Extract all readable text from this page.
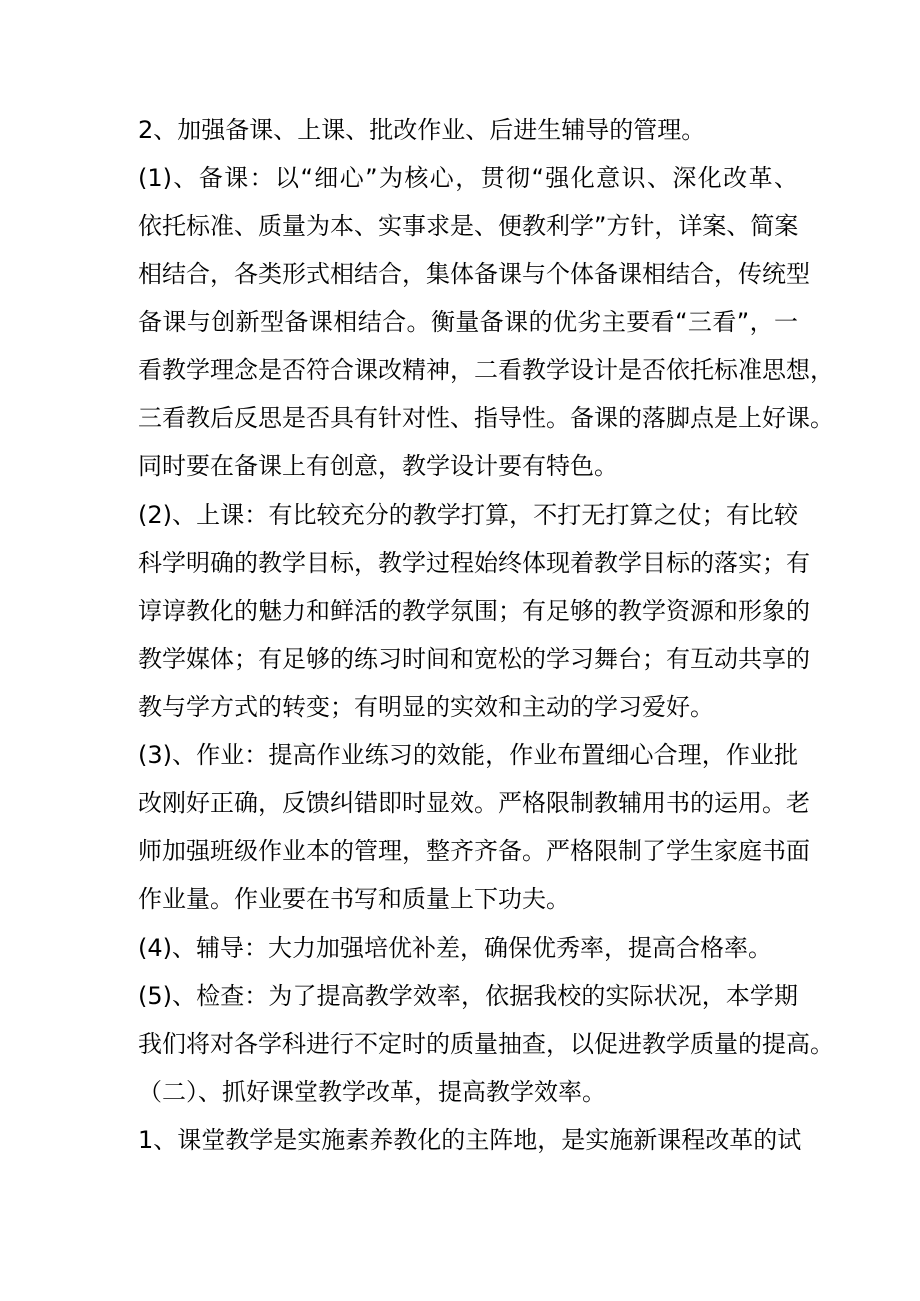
2、加强备课、上课、批改作业、后进生辅导的管理。
(1)、备课：以“细心”为核心，贯彻“强化意识、深化改革、
依托标准、质量为本、实事求是、便教利学”方针，详案、简案
相结合，各类形式相结合，集体备课与个体备课相结合，传统型
备课与创新型备课相结合。衡量备课的优劣主要看“三看”，一
看教学理念是否符合课改精神，二看教学设计是否依托标准思想，
三看教后反思是否具有针对性、指导性。备课的落脚点是上好课。
同时要在备课上有创意，教学设计要有特色。
(2)、上课：有比较充分的教学打算，不打无打算之仗；有比较
科学明确的教学目标，教学过程始终体现着教学目标的落实；有
谆谆教化的魅力和鲜活的教学氛围；有足够的教学资源和形象的
教学媒体；有足够的练习时间和宽松的学习舞台；有互动共享的
教与学方式的转变；有明显的实效和主动的学习爱好。
(3)、作业：提高作业练习的效能，作业布置细心合理，作业批
改刚好正确，反馈纠错即时显效。严格限制教辅用书的运用。老
师加强班级作业本的管理，整齐齐备。严格限制了学生家庭书面
作业量。作业要在书写和质量上下功夫。
(4)、辅导：大力加强培优补差，确保优秀率，提高合格率。
(5)、检查：为了提高教学效率，依据我校的实际状况，本学期
我们将对各学科进行不定时的质量抽查，以促进教学质量的提高。
（二）、抓好课堂教学改革，提高教学效率。
1、课堂教学是实施素养教化的主阵地，是实施新课程改革的试
